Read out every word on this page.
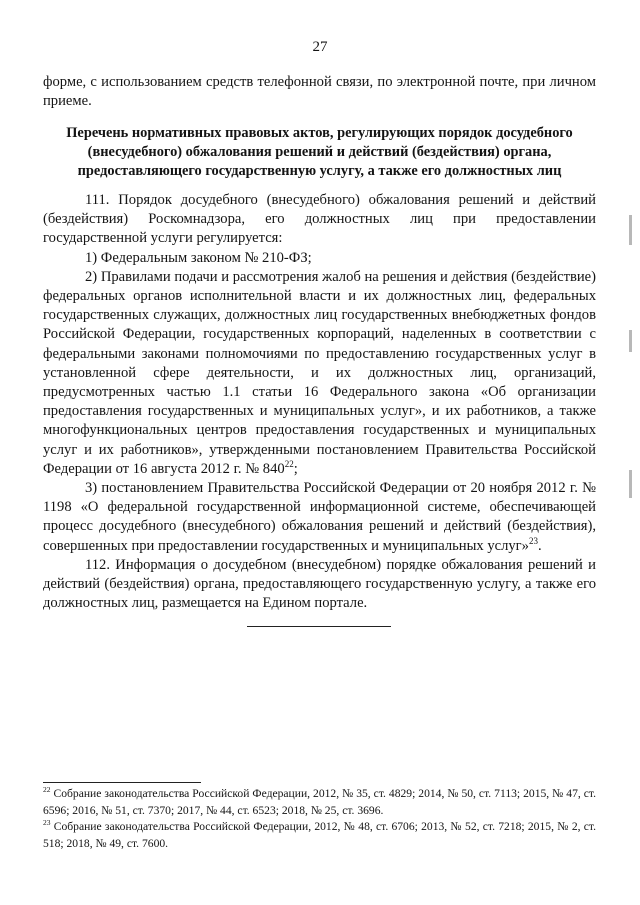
27
форме, с использованием средств телефонной связи, по электронной почте, при личном приеме.
Перечень нормативных правовых актов, регулирующих порядок досудебного (внесудебного) обжалования решений и действий (бездействия) органа, предоставляющего государственную услугу, а также его должностных лиц

111. Порядок досудебного (внесудебного) обжалования решений и действий (бездействия) Роскомнадзора, его должностных лиц при предоставлении государственной услуги регулируется:

1) Федеральным законом № 210-ФЗ;

2) Правилами подачи и рассмотрения жалоб на решения и действия (бездействие) федеральных органов исполнительной власти и их должностных лиц, федеральных государственных служащих, должностных лиц государственных внебюджетных фондов Российской Федерации, государственных корпораций, наделенных в соответствии с федеральными законами полномочиями по предоставлению государственных услуг в установленной сфере деятельности, и их должностных лиц, организаций, предусмотренных частью 1.1 статьи 16 Федерального закона «Об организации предоставления государственных и муниципальных услуг», и их работников, а также многофункциональных центров предоставления государственных и муниципальных услуг и их работников», утвержденными постановлением Правительства Российской Федерации от 16 августа 2012 г. № $840^{22}$;

3) постановлением Правительства Российской Федерации от 20 ноября 2012 г. № 1198 «О федеральной государственной информационной системе, обеспечивающей процесс досудебного (внесудебного) обжалования решений и действий (бездействия), совершенных при предоставлении государственных и муниципальных услуг»$^{23}$.

112. Информация о досудебном (внесудебном) порядке обжалования решений и действий (бездействия) органа, предоставляющего государственную услугу, а также его должностных лиц, размещается на Едином портале.

$^{22}$ Собрание законодательства Российской Федерации, 2012, № 35, ст. 4829; 2014, № 50, ст. 7113; 2015, № 47, ст. 6596; 2016, № 51, ст. 7370; 2017, № 44, ст. 6523; 2018, № 25, ст. 3696.

$^{23}$ Собрание законодательства Российской Федерации, 2012, № 48, ст. 6706; 2013, № 52, ст. 7218; 2015, № 2, ст. 518; 2018, № 49, ст. 7600.
